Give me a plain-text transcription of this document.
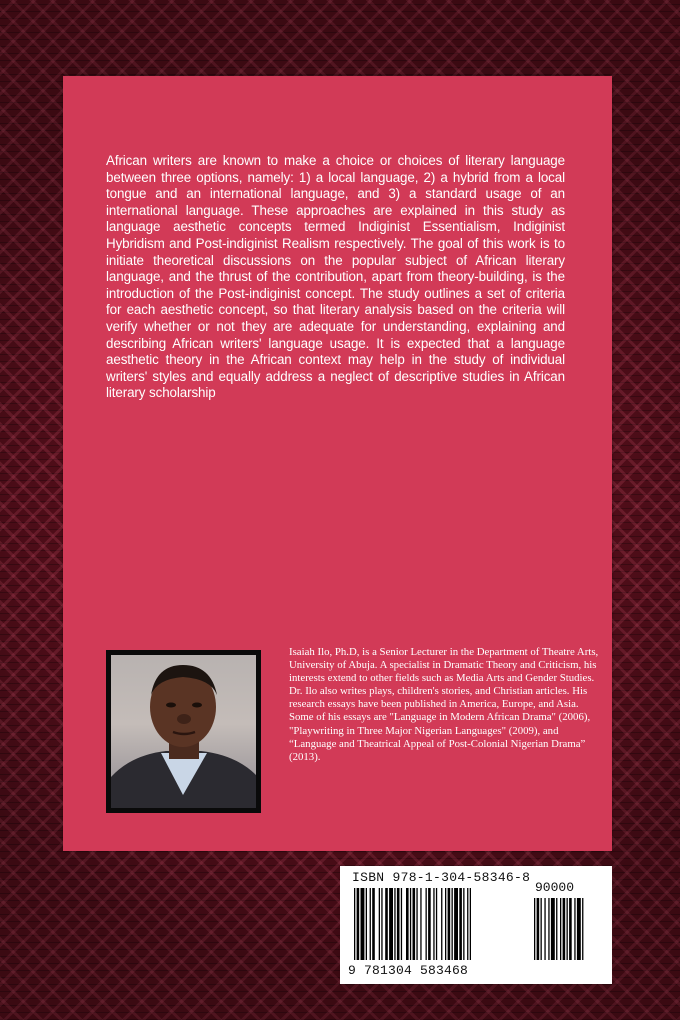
African writers are known to make a choice or choices of literary language between three options, namely: 1) a local language, 2) a hybrid from a local tongue and an international language, and 3) a standard usage of an international language. These approaches are explained in this study as language aesthetic concepts termed Indiginist Essentialism, Indiginist Hybridism and Post-indiginist Realism respectively. The goal of this work is to initiate theoretical discussions on the popular subject of African literary language, and the thrust of the contribution, apart from theory-building, is the introduction of the Post-indiginist concept. The study outlines a set of criteria for each aesthetic concept, so that literary analysis based on the criteria will verify whether or not they are adequate for understanding, explaining and describing African writers' language usage. It is expected that a language aesthetic theory in the African context may help in the study of individual writers' styles and equally address a neglect of descriptive studies in African literary scholarship

Isaiah Ilo, Ph.D, is a Senior Lecturer in the Department of Theatre Arts, University of Abuja. A specialist in Dramatic Theory and Criticism, his interests extend to other fields such as Media Arts and Gender Studies. Dr. Ilo also writes plays, children's stories, and Christian articles. His research essays have been published in America, Europe, and Asia. Some of his essays are "Language in Modern African Drama" (2006), "Playwriting in Three Major Nigerian Languages" (2009), and “Language and Theatrical Appeal of Post-Colonial Nigerian Drama” (2013).

ISBN 978-1-304-58346-8

90000

9 781304 583468
